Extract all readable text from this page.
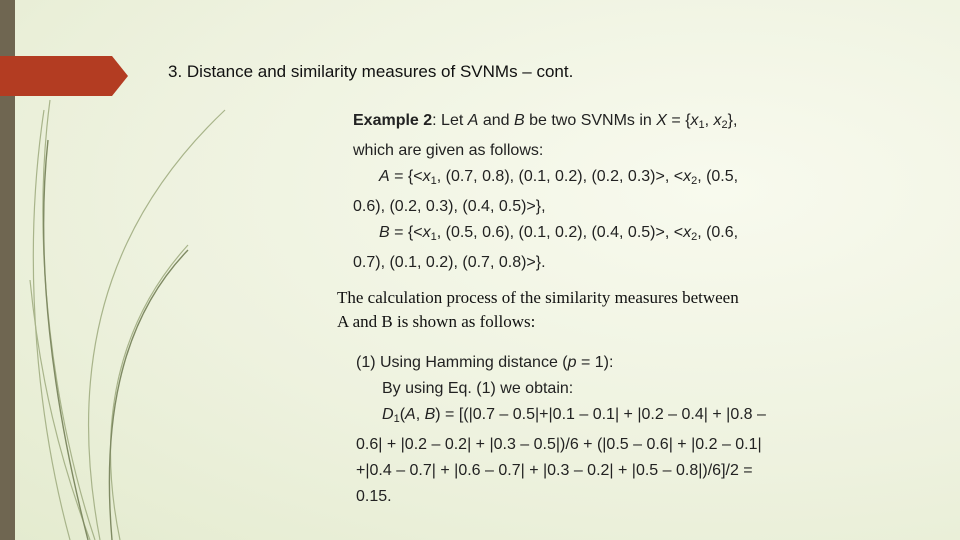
3. Distance and similarity measures of SVNMs – cont.
Example 2: Let A and B be two SVNMs in $X = \{x_1$, $x_2$},
which are given as follows:
$A = \{<x_1$, (0.7, 0.8), (0.1, 0.2), (0.2, 0.3)>, $<x_2$, (0.5,
0.6), (0.2, 0.3), (0.4, 0.5)>},
$B = \{<x_1$, (0.5, 0.6), (0.1, 0.2), (0.4, 0.5)>, $<x_2$, (0.6,
0.7), (0.1, 0.2), (0.7, 0.8)>}.
The calculation process of the similarity measures between
A and B is shown as follows:
(1) Using Hamming distance (p = 1):
By using Eq. (1) we obtain:
$D_1(A$, B) = [(|0.7 – 0.5|+|0.1 – 0.1| + |0.2 – 0.4| + |0.8 –
0.6| + |0.2 – 0.2| + |0.3 – 0.5|)/6 + (|0.5 – 0.6| + |0.2 – 0.1|
+|0.4 – 0.7| + |0.6 – 0.7| + |0.3 – 0.2| + |0.5 – 0.8|)/6]/2 =
0.15.
